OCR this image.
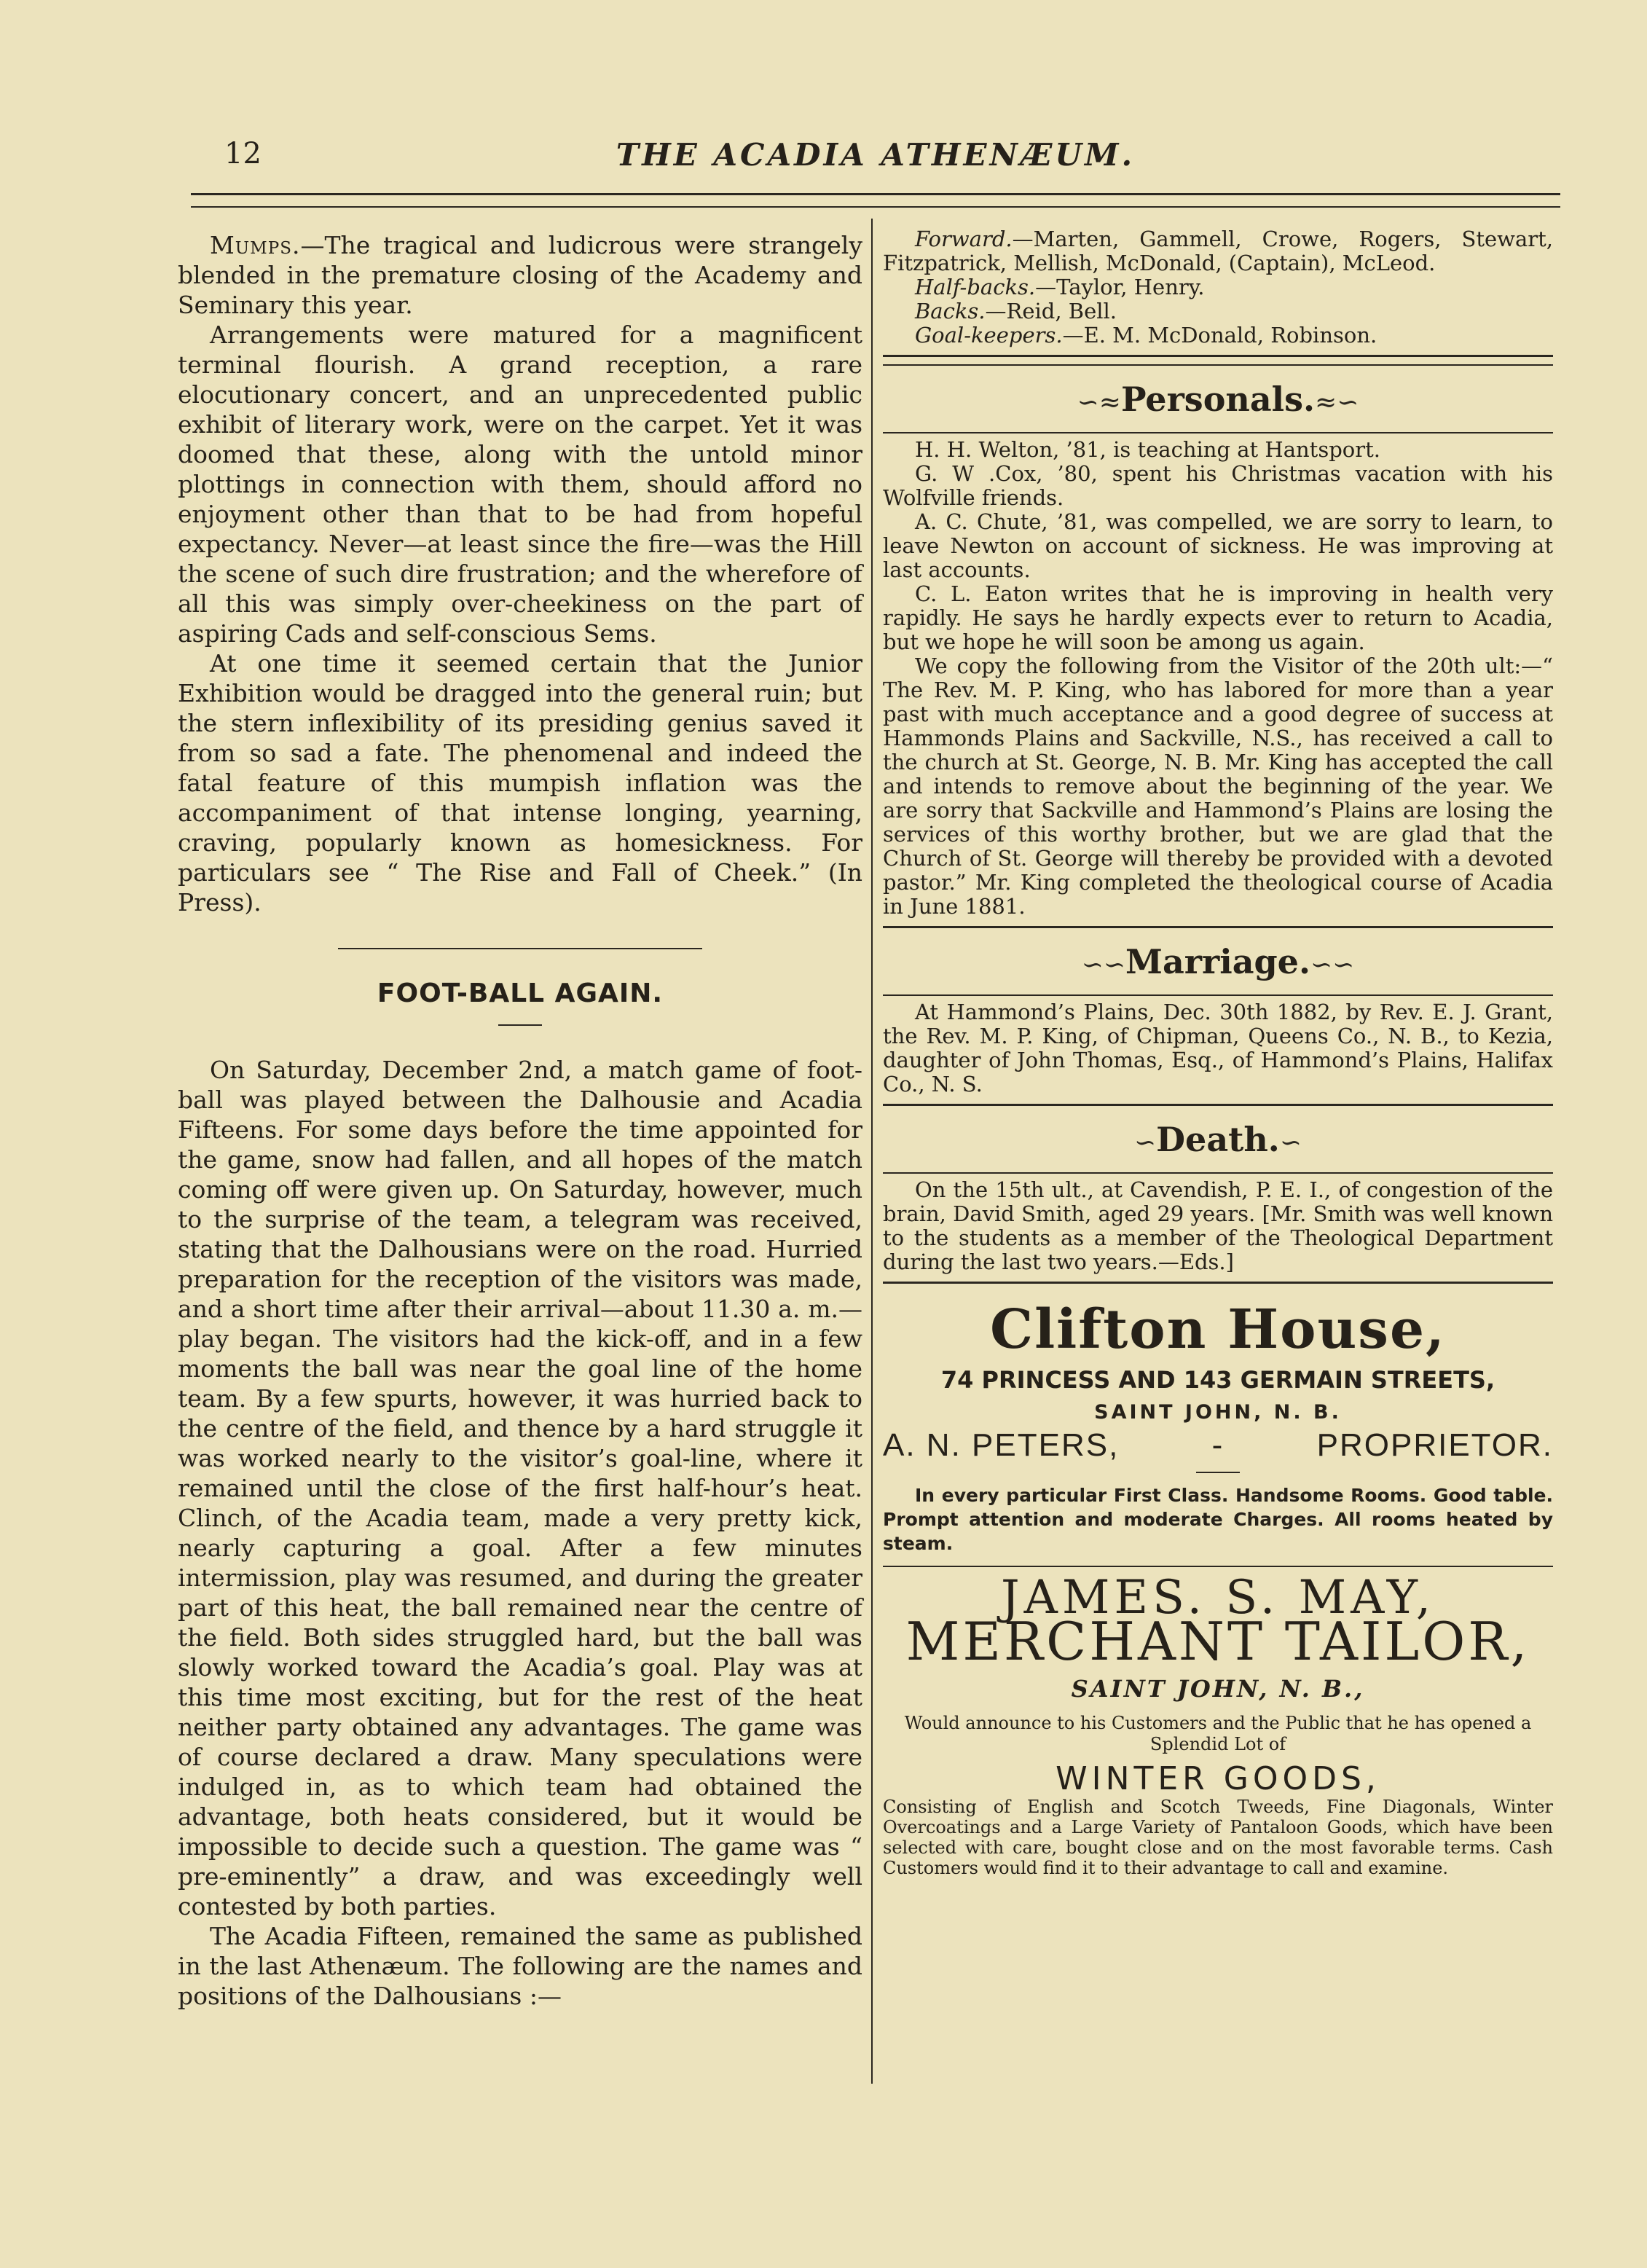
12	THE ACADIA ATHENÆUM.

Mumps.—The tragical and ludicrous were strangely blended in the premature closing of the Academy and Seminary this year.

Arrangements were matured for a magnificent terminal flourish. A grand reception, a rare elocutionary concert, and an unprecedented public exhibit of literary work, were on the carpet. Yet it was doomed that these, along with the untold minor plottings in connection with them, should afford no enjoyment other than that to be had from hopeful expectancy. Never—at least since the fire—was the Hill the scene of such dire frustration; and the wherefore of all this was simply over-cheekiness on the part of aspiring Cads and self-conscious Sems.

At one time it seemed certain that the Junior Exhibition would be dragged into the general ruin; but the stern inflexibility of its presiding genius saved it from so sad a fate. The phenomenal and indeed the fatal feature of this mumpish inflation was the accompaniment of that intense longing, yearning, craving, popularly known as homesickness. For particulars see “ The Rise and Fall of Cheek.” (In Press).

FOOT-BALL AGAIN.

On Saturday, December 2nd, a match game of foot-ball was played between the Dalhousie and Acadia Fifteens. For some days before the time appointed for the game, snow had fallen, and all hopes of the match coming off were given up. On Saturday, however, much to the surprise of the team, a telegram was received, stating that the Dalhousians were on the road. Hurried preparation for the reception of the visitors was made, and a short time after their arrival—about 11.30 a. m.—play began. The visitors had the kick-off, and in a few moments the ball was near the goal line of the home team. By a few spurts, however, it was hurried back to the centre of the field, and thence by a hard struggle it was worked nearly to the visitor’s goal-line, where it remained until the close of the first half-hour’s heat. Clinch, of the Acadia team, made a very pretty kick, nearly capturing a goal. After a few minutes intermission, play was resumed, and during the greater part of this heat, the ball remained near the centre of the field. Both sides struggled hard, but the ball was slowly worked toward the Acadia’s goal. Play was at this time most exciting, but for the rest of the heat neither party obtained any advantages. The game was of course declared a draw. Many speculations were indulged in, as to which team had obtained the advantage, both heats considered, but it would be impossible to decide such a question. The game was “ pre-eminently” a draw, and was exceedingly well contested by both parties.

The Acadia Fifteen, remained the same as published in the last Athenæum. The following are the names and positions of the Dalhousians :—

Forward.—Marten, Gammell, Crowe, Rogers, Stewart, Fitzpatrick, Mellish, McDonald, (Captain), McLeod.

Half-backs.—Taylor, Henry.

Backs.—Reid, Bell.

Goal-keepers.—E. M. McDonald, Robinson.

∽≈Personals.≈∽

H. H. Welton, ’81, is teaching at Hantsport.

G. W .Cox, ’80, spent his Christmas vacation with his Wolfville friends.

A. C. Chute, ’81, was compelled, we are sorry to learn, to leave Newton on account of sickness. He was improving at last accounts.

C. L. Eaton writes that he is improving in health very rapidly. He says he hardly expects ever to return to Acadia, but we hope he will soon be among us again.

We copy the following from the Visitor of the 20th ult:—“ The Rev. M. P. King, who has labored for more than a year past with much acceptance and a good degree of success at Hammonds Plains and Sackville, N.S., has received a call to the church at St. George, N. B. Mr. King has accepted the call and intends to remove about the beginning of the year. We are sorry that Sackville and Hammond’s Plains are losing the services of this worthy brother, but we are glad that the Church of St. George will thereby be provided with a devoted pastor.” Mr. King completed the theological course of Acadia in June 1881.

∽∽Marriage.∽∽

At Hammond’s Plains, Dec. 30th 1882, by Rev. E. J. Grant, the Rev. M. P. King, of Chipman, Queens Co., N. B., to Kezia, daughter of John Thomas, Esq., of Hammond’s Plains, Halifax Co., N. S.

∽Death.∽

On the 15th ult., at Cavendish, P. E. I., of congestion of the brain, David Smith, aged 29 years. [Mr. Smith was well known to the students as a member of the Theological Department during the last two years.—Eds.]

Clifton House,
74 PRINCESS AND 143 GERMAIN STREETS,
SAINT JOHN, N. B.
A. N. PETERS,	-	PROPRIETOR.

In every particular First Class. Handsome Rooms. Good table. Prompt attention and moderate Charges. All rooms heated by steam.

JAMES. S. MAY,
MERCHANT TAILOR,
SAINT JOHN, N. B.,

Would announce to his Customers and the Public that he has opened a Splendid Lot of

WINTER GOODS,

Consisting of English and Scotch Tweeds, Fine Diagonals, Winter Overcoatings and a Large Variety of Pantaloon Goods, which have been selected with care, bought close and on the most favorable terms. Cash Customers would find it to their advantage to call and examine.
